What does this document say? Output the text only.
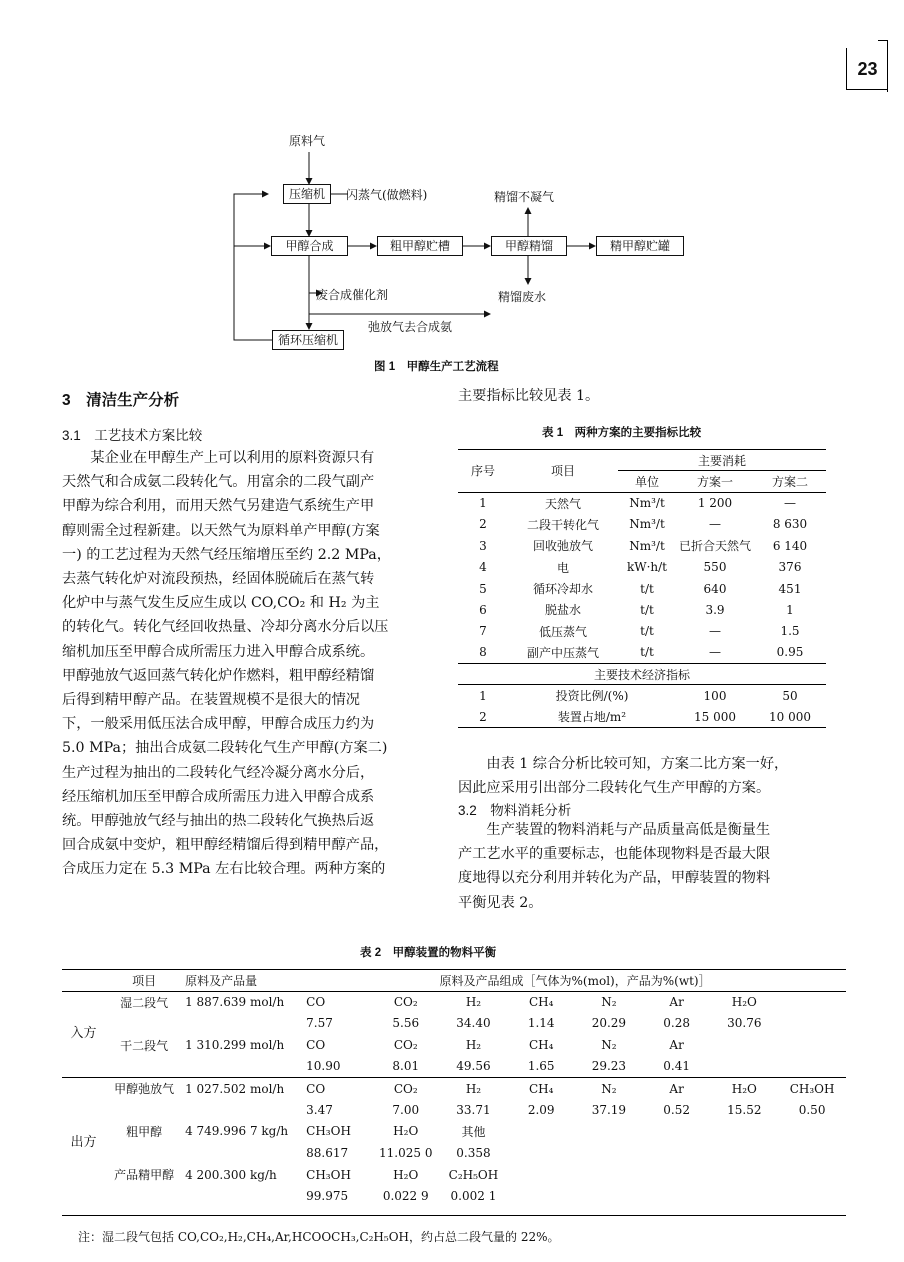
23
原料气
压缩机	闪蒸气(做燃料)
甲醇合成	粗甲醇贮槽	甲醇精馏	精甲醇贮罐
精馏不凝气
精馏废水
废合成催化剂
弛放气去合成氨
循环压缩机
图 1　甲醇生产工艺流程
3　清洁生产分析
3.1　工艺技术方案比较

某企业在甲醇生产上可以利用的原料资源只有

天然气和合成氨二段转化气。用富余的二段气副产

甲醇为综合利用，而用天然气另建造气系统生产甲

醇则需全过程新建。以天然气为原料单产甲醇(方案

一) 的工艺过程为天然气经压缩增压至约 2.2 MPa，

去蒸气转化炉对流段预热，经固体脱硫后在蒸气转

化炉中与蒸气发生反应生成以 CO,CO₂ 和 H₂ 为主

的转化气。转化气经回收热量、冷却分离水分后以压

缩机加压至甲醇合成所需压力进入甲醇合成系统。

甲醇弛放气返回蒸气转化炉作燃料，粗甲醇经精馏

后得到精甲醇产品。在装置规模不是很大的情况

下，一般采用低压法合成甲醇，甲醇合成压力约为

5.0 MPa；抽出合成氨二段转化气生产甲醇(方案二)

生产过程为抽出的二段转化气经冷凝分离水分后，

经压缩机加压至甲醇合成所需压力进入甲醇合成系

统。甲醇弛放气经与抽出的热二段转化气换热后返

回合成氨中变炉，粗甲醇经精馏后得到精甲醇产品，

合成压力定在 5.3 MPa 左右比较合理。两种方案的

主要指标比较见表 1。

表 1　两种方案的主要指标比较
序号	项目	主要消耗		
		单位	方案一	方案二
1	天然气	Nm³/t	1 200	—
2	二段干转化气	Nm³/t	—	8 630
3	回收弛放气	Nm³/t	已折合天然气	6 140
4	电	kW·h/t	550	376
5	循环冷却水	t/t	640	451
6	脱盐水	t/t	3.9	1
7	低压蒸气	t/t	—	1.5
8	副产中压蒸气	t/t	—	0.95
主要技术经济指标				
1	投资比例/(%)		100	50
2	装置占地/m²		15 000	10 000

由表 1 综合分析比较可知，方案二比方案一好，

因此应采用引出部分二段转化气生产甲醇的方案。

3.2　物料消耗分析

生产装置的物料消耗与产品质量高低是衡量生

产工艺水平的重要标志，也能体现物料是否最大限

度地得以充分利用并转化为产品，甲醇装置的物料

平衡见表 2。

表 2　甲醇装置的物料平衡
	项目	原料及产品量	原料及产品组成［气体为%(mol)，产品为%(wt)］							
入方	湿二段气	1 887.639 mol/h	CO	CO₂	H₂	CH₄	N₂	Ar	H₂O	
			7.57	5.56	34.40	1.14	20.29	0.28	30.76	
	干二段气	1 310.299 mol/h	CO	CO₂	H₂	CH₄	N₂	Ar		
			10.90	8.01	49.56	1.65	29.23	0.41		
出方	甲醇弛放气	1 027.502 mol/h	CO	CO₂	H₂	CH₄	N₂	Ar	H₂O	CH₃OH
			3.47	7.00	33.71	2.09	37.19	0.52	15.52	0.50
	粗甲醇	4 749.996 7 kg/h	CH₃OH	H₂O	其他					
			88.617	11.025 0	0.358					
	产品精甲醇	4 200.300 kg/h	CH₃OH	H₂O	C₂H₅OH					
			99.975	0.022 9	0.002 1					
注：湿二段气包括 CO,CO₂,H₂,CH₄,Ar,HCOOCH₃,C₂H₅OH，约占总二段气量的 22%。
